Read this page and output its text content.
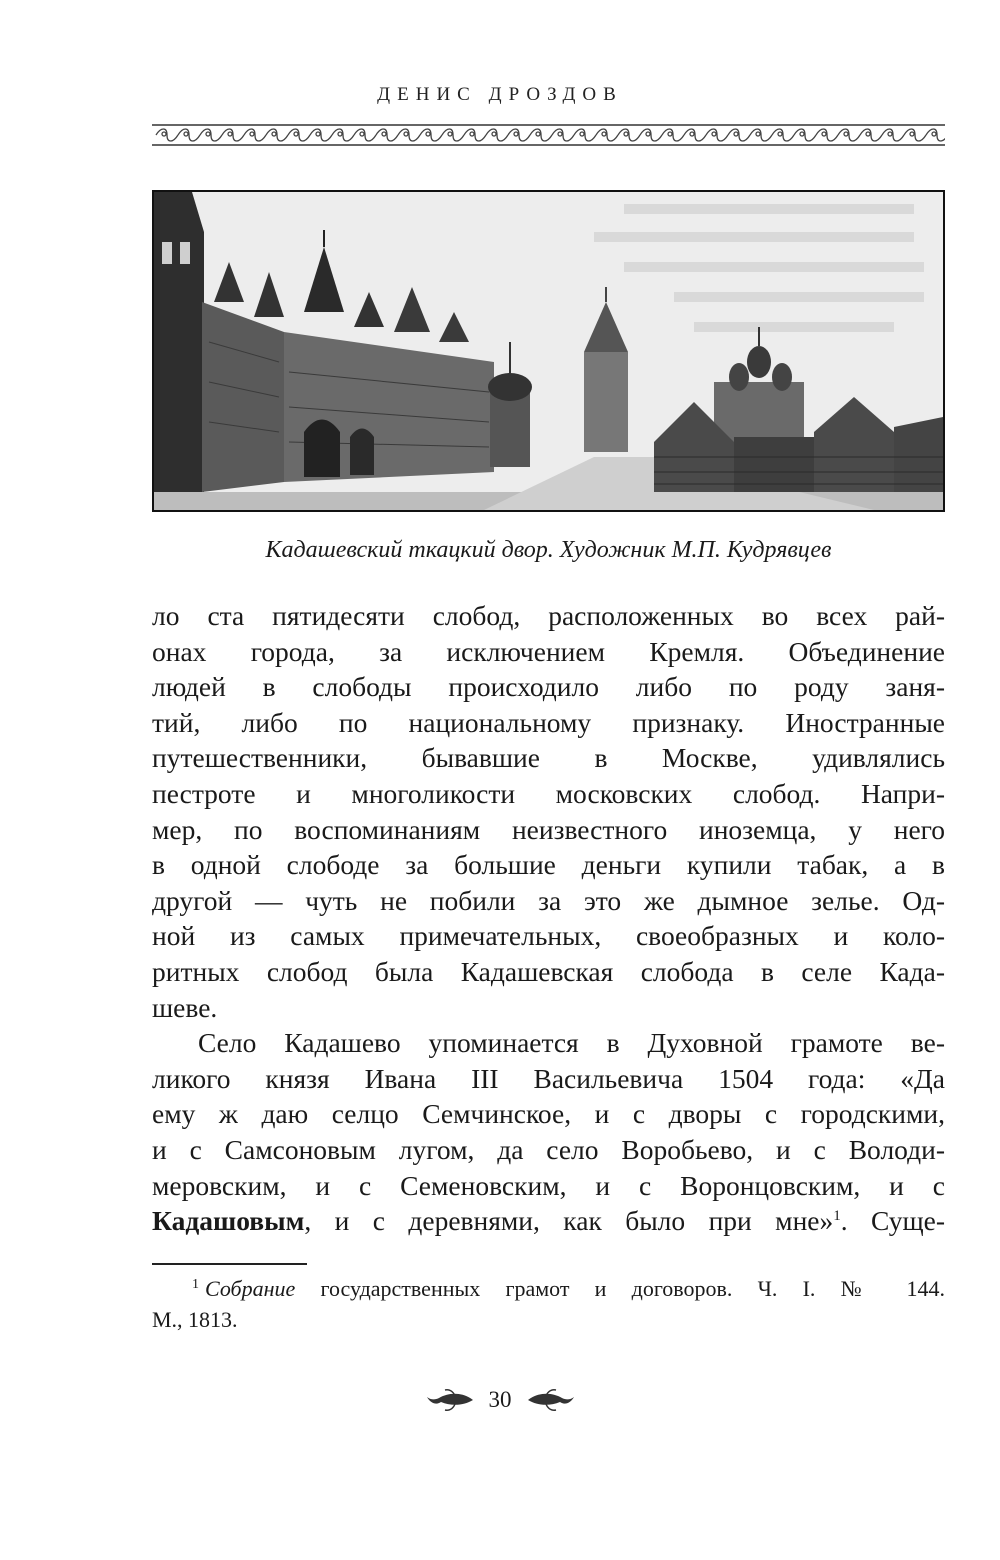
ДЕНИС ДРОЗДОВ
Кадашевский ткацкий двор. Художник М.П. Кудрявцев
ло ста пятидесяти слобод, расположенных во всех рай-
онах города, за исключением Кремля. Объединение
людей в слободы происходило либо по роду заня-
тий, либо по национальному признаку. Иностранные
путешественники, бывавшие в Москве, удивлялись
пестроте и многоликости московских слобод. Напри-
мер, по воспоминаниям неизвестного иноземца, у него
в одной слободе за большие деньги купили табак, а в
другой — чуть не побили за это же дымное зелье. Од-
ной из самых примечательных, своеобразных и коло-
ритных слобод была Кадашевская слобода в селе Када-
шеве.
Село Кадашево упоминается в Духовной грамоте ве-
ликого князя Ивана III Васильевича 1504 года: «Да
ему ж даю селцо Семчинское, и с дворы с городскими,
и с Самсоновым лугом, да село Воробьево, и с Володи-
меровским, и с Семеновским, и с Воронцовским, и с
Кадашовым, и с деревнями, как было при мне»$^1$. Суще-
$^1$ Собрание государственных грамот и договоров. Ч. I. № 144.
М., 1813.
30
